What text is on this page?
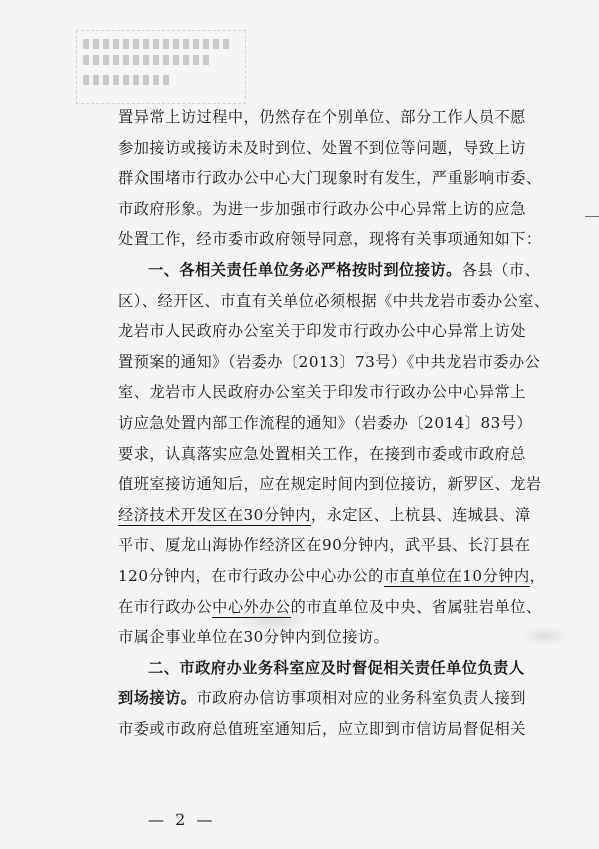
置异常上访过程中，仍然存在个别单位、部分工作人员不愿
参加接访或接访未及时到位、处置不到位等问题，导致上访
群众围堵市行政办公中心大门现象时有发生，严重影响市委、
市政府形象。为进一步加强市行政办公中心异常上访的应急
处置工作，经市委市政府领导同意，现将有关事项通知如下：
一、各相关责任单位务必严格按时到位接访。各县（市、
区）、经开区、市直有关单位必须根据《中共龙岩市委办公室、
龙岩市人民政府办公室关于印发市行政办公中心异常上访处
置预案的通知》（岩委办〔2013〕73号）《中共龙岩市委办公
室、龙岩市人民政府办公室关于印发市行政办公中心异常上
访应急处置内部工作流程的通知》（岩委办〔2014〕83号）
要求，认真落实应急处置相关工作，在接到市委或市政府总
值班室接访通知后，应在规定时间内到位接访，新罗区、龙岩
经济技术开发区在30分钟内，永定区、上杭县、连城县、漳
平市、厦龙山海协作经济区在90分钟内，武平县、长汀县在
120分钟内，在市行政办公中心办公的市直单位在10分钟内，
在市行政办公中心外办公的市直单位及中央、省属驻岩单位、
市属企事业单位在30分钟内到位接访。
二、市政府办业务科室应及时督促相关责任单位负责人
到场接访。市政府办信访事项相对应的业务科室负责人接到
市委或市政府总值班室通知后，应立即到市信访局督促相关
— 2 —
